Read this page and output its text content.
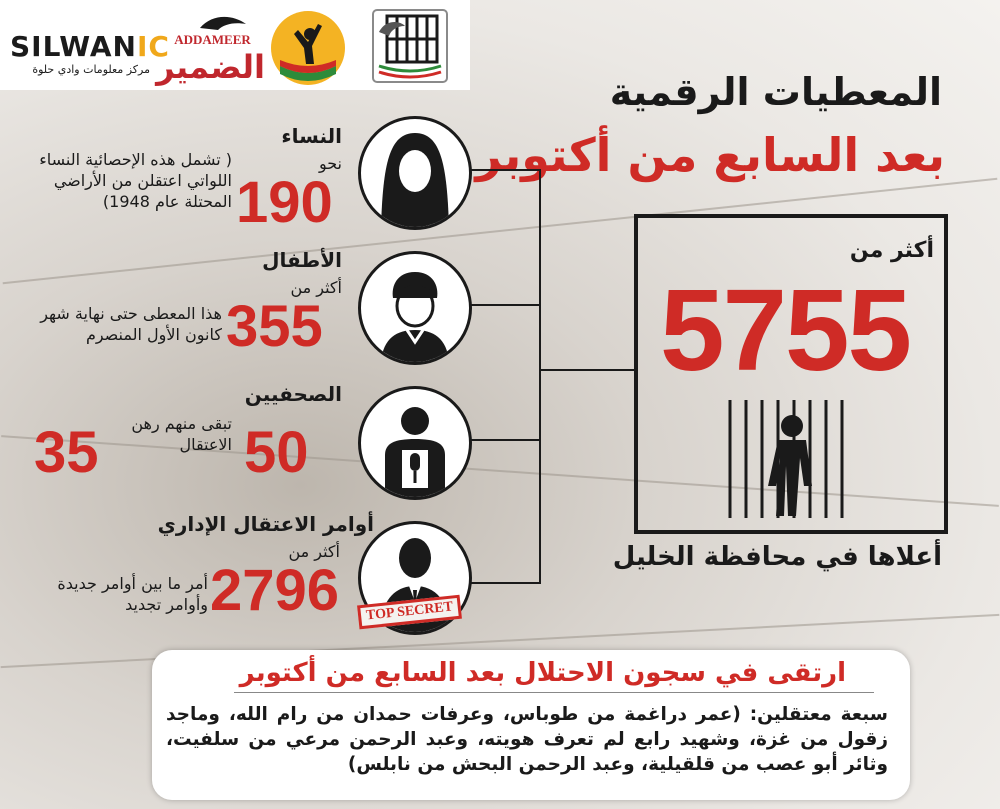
SILWANIC
مركز معلومات وادي حلوة
ADDAMEER
الضمير
المعطيات الرقمية
بعد السابع من أكتوبر
النساء
نحو
190
( تشمل هذه الإحصائية النساء اللواتي اعتقلن من الأراضي المحتلة عام 1948)
الأطفال
أكثر من
355
هذا المعطى حتى نهاية شهر كانون الأول المنصرم
الصحفيين
50
تبقى منهم رهن الاعتقال
35
أوامر الاعتقال الإداري
أكثر من
2796
أمر ما بين أوامر جديدة وأوامر تجديد	TOP SECRET
أكثر من
5755
أعلاها في محافظة الخليل
ارتقى في سجون الاحتلال بعد السابع من أكتوبر
سبعة معتقلين: (عمر دراغمة من طوباس، وعرفات حمدان من رام الله، وماجد زقول من غزة، وشهيد رابع لم تعرف هويته، وعبد الرحمن مرعي من سلفيت، وثائر أبو عصب من قلقيلية، وعبد الرحمن البحش من نابلس)
